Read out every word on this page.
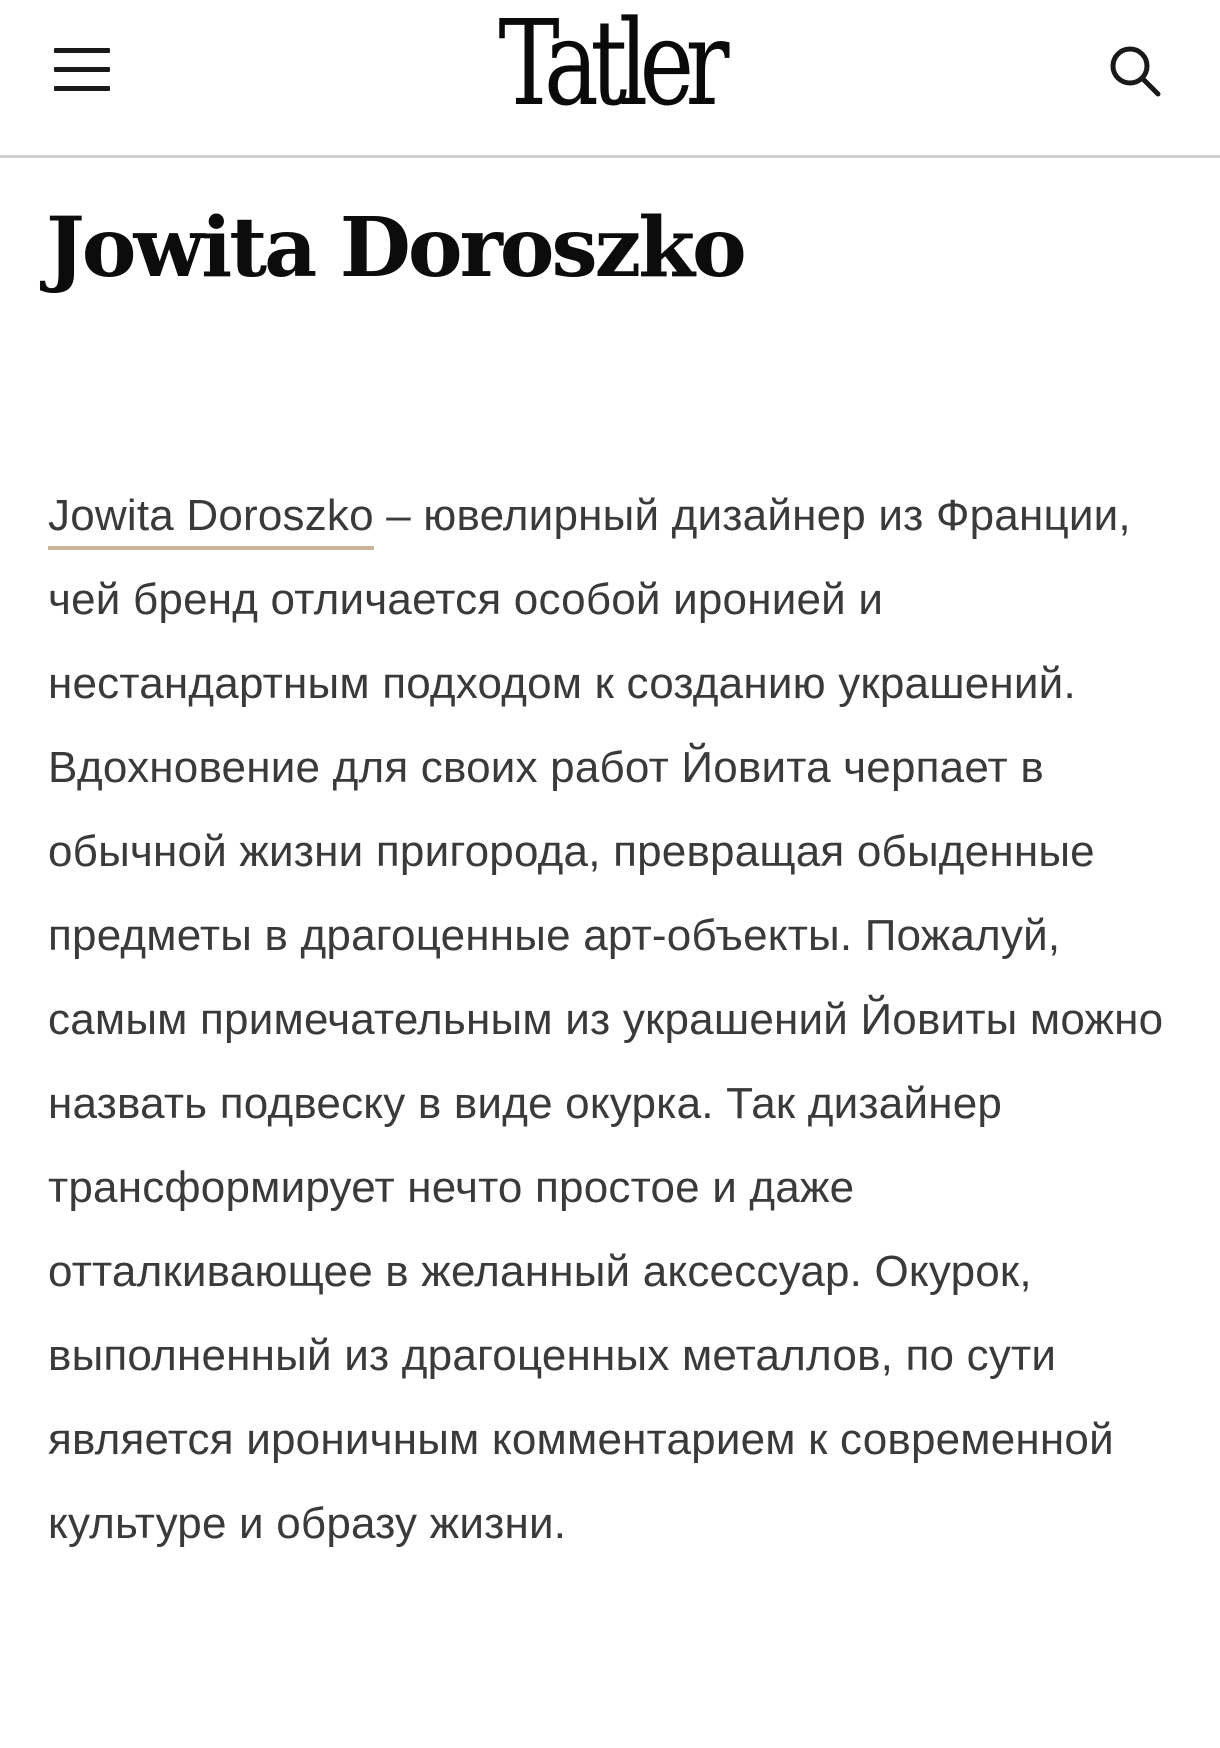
Tatler
Jowita Doroszko

Jowita Doroszko – ювелирный дизайнер из Франции, чей бренд отличается особой иронией и нестандартным подходом к созданию украшений. Вдохновение для своих работ Йовита черпает в обычной жизни пригорода, превращая обыденные предметы в драгоценные арт-объекты. Пожалуй, самым примечательным из украшений Йовиты можно назвать подвеску в виде окурка. Так дизайнер трансформирует нечто простое и даже отталкивающее в желанный аксессуар. Окурок, выполненный из драгоценных металлов, по сути является ироничным комментарием к современной культуре и образу жизни.
